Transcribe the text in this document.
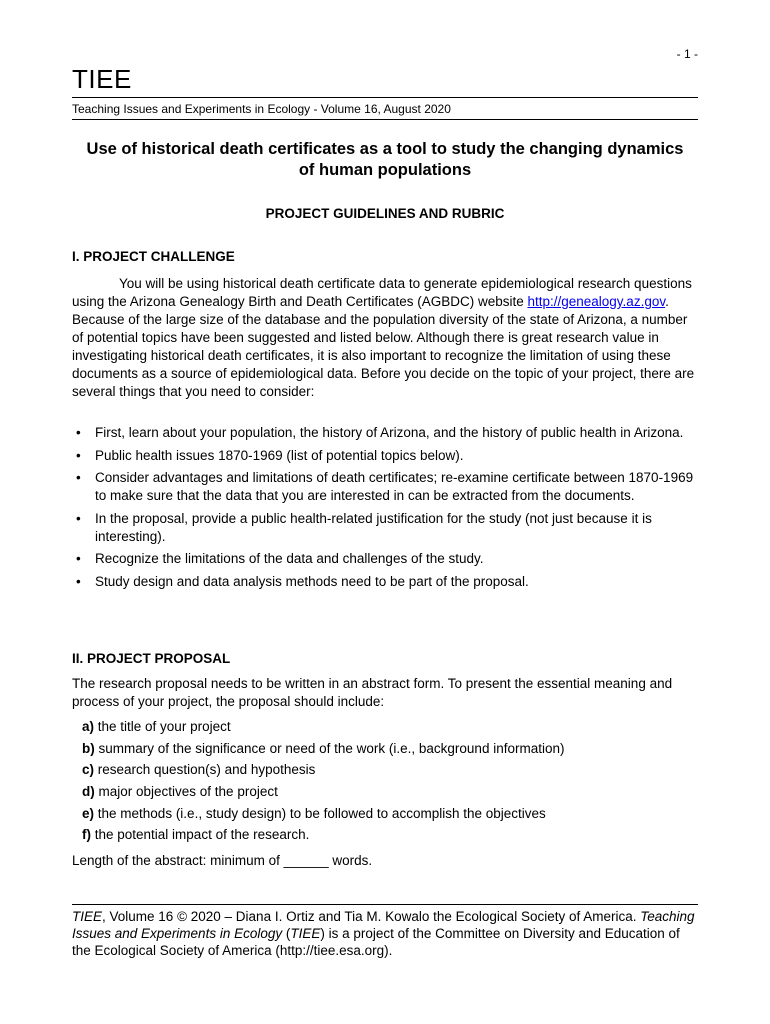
- 1 -
TIEE
Teaching Issues and Experiments in Ecology - Volume 16, August 2020
Use of historical death certificates as a tool to study the changing dynamics
of human populations
PROJECT GUIDELINES AND RUBRIC
I. PROJECT CHALLENGE
You will be using historical death certificate data to generate epidemiological research questions using the Arizona Genealogy Birth and Death Certificates (AGBDC) website http://genealogy.az.gov. Because of the large size of the database and the population diversity of the state of Arizona, a number of potential topics have been suggested and listed below. Although there is great research value in investigating historical death certificates, it is also important to recognize the limitation of using these documents as a source of epidemiological data. Before you decide on the topic of your project, there are several things that you need to consider:
• First, learn about your population, the history of Arizona, and the history of public health in Arizona.
• Public health issues 1870-1969 (list of potential topics below).
• Consider advantages and limitations of death certificates; re-examine certificate between 1870-1969 to make sure that the data that you are interested in can be extracted from the documents.
• In the proposal, provide a public health-related justification for the study (not just because it is interesting).
• Recognize the limitations of the data and challenges of the study.
• Study design and data analysis methods need to be part of the proposal.
II. PROJECT PROPOSAL
The research proposal needs to be written in an abstract form. To present the essential meaning and process of your project, the proposal should include:
a) the title of your project
b) summary of the significance or need of the work (i.e., background information)
c) research question(s) and hypothesis
d) major objectives of the project
e) the methods (i.e., study design) to be followed to accomplish the objectives
f) the potential impact of the research.
Length of the abstract: minimum of ______ words.
TIEE, Volume 16 © 2020 – Diana I. Ortiz and Tia M. Kowalo the Ecological Society of America. Teaching Issues and Experiments in Ecology (TIEE) is a project of the Committee on Diversity and Education of the Ecological Society of America (http://tiee.esa.org).
